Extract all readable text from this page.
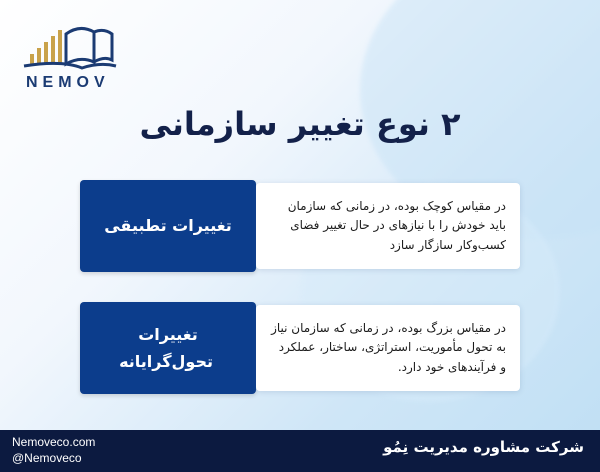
NEMOV
۲ نوع تغییر سازمانی
تغییرات تطبیقی
در مقیاس کوچک بوده، در زمانی که سازمان باید خودش را با نیازهای در حال تغییر فضای کسب‌وکار سازگار سازد
تغییرات تحول‌گرایانه
در مقیاس بزرگ بوده، در زمانی که سازمان نیاز به تحول مأموریت، استراتژی، ساختار، عملکرد و فرآیندهای خود دارد.
Nemoveco.com
@Nemoveco
شرکت مشاوره مدیریت نِمُو
